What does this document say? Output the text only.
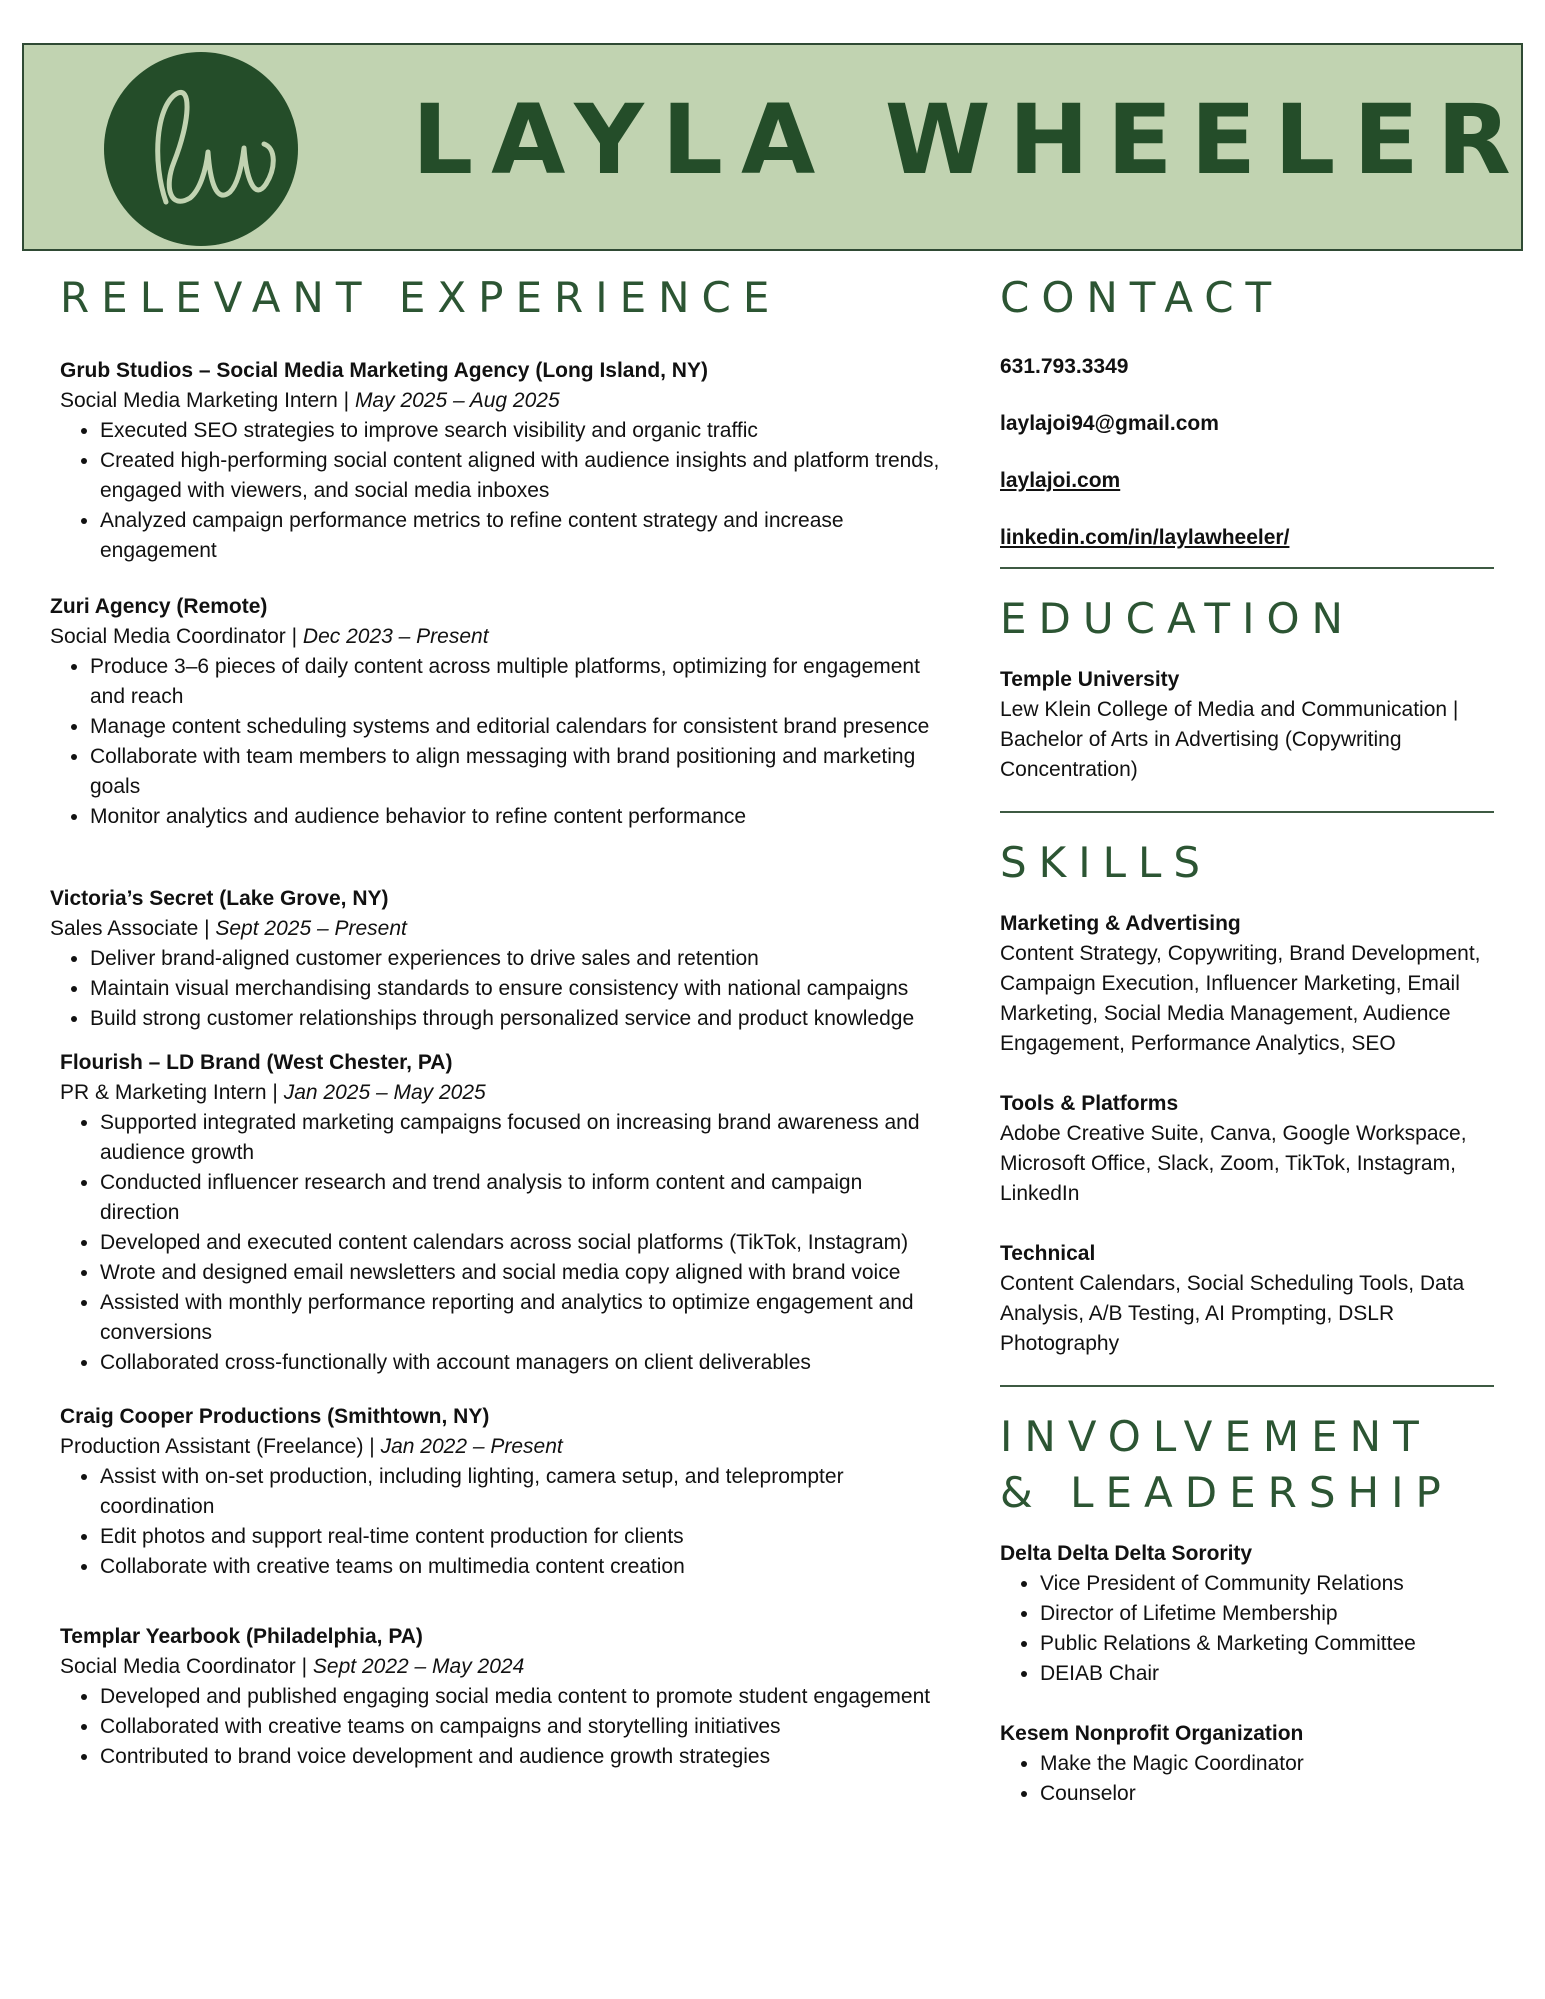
LAYLA WHEELER
RELEVANT EXPERIENCE
Grub Studios – Social Media Marketing Agency (Long Island, NY)
Social Media Marketing Intern | May 2025 – Aug 2025
• Executed SEO strategies to improve search visibility and organic traffic
• Created high-performing social content aligned with audience insights and platform trends, engaged with viewers, and social media inboxes
• Analyzed campaign performance metrics to refine content strategy and increase engagement
Zuri Agency (Remote)
Social Media Coordinator | Dec 2023 – Present
• Produce 3–6 pieces of daily content across multiple platforms, optimizing for engagement and reach
• Manage content scheduling systems and editorial calendars for consistent brand presence
• Collaborate with team members to align messaging with brand positioning and marketing goals
• Monitor analytics and audience behavior to refine content performance
Victoria’s Secret (Lake Grove, NY)
Sales Associate | Sept 2025 – Present
• Deliver brand-aligned customer experiences to drive sales and retention
• Maintain visual merchandising standards to ensure consistency with national campaigns
• Build strong customer relationships through personalized service and product knowledge
Flourish – LD Brand (West Chester, PA)
PR & Marketing Intern | Jan 2025 – May 2025
• Supported integrated marketing campaigns focused on increasing brand awareness and audience growth
• Conducted influencer research and trend analysis to inform content and campaign direction
• Developed and executed content calendars across social platforms (TikTok, Instagram)
• Wrote and designed email newsletters and social media copy aligned with brand voice
• Assisted with monthly performance reporting and analytics to optimize engagement and conversions
• Collaborated cross-functionally with account managers on client deliverables
Craig Cooper Productions (Smithtown, NY)
Production Assistant (Freelance) | Jan 2022 – Present
• Assist with on-set production, including lighting, camera setup, and teleprompter coordination
• Edit photos and support real-time content production for clients
• Collaborate with creative teams on multimedia content creation
Templar Yearbook (Philadelphia, PA)
Social Media Coordinator | Sept 2022 – May 2024
• Developed and published engaging social media content to promote student engagement
• Collaborated with creative teams on campaigns and storytelling initiatives
• Contributed to brand voice development and audience growth strategies
CONTACT
631.793.3349
laylajoi94@gmail.com
laylajoi.com
linkedin.com/in/laylawheeler/
EDUCATION
Temple University
Lew Klein College of Media and Communication | Bachelor of Arts in Advertising (Copywriting Concentration)
SKILLS
Marketing & Advertising
Content Strategy, Copywriting, Brand Development, Campaign Execution, Influencer Marketing, Email Marketing, Social Media Management, Audience Engagement, Performance Analytics, SEO
Tools & Platforms
Adobe Creative Suite, Canva, Google Workspace, Microsoft Office, Slack, Zoom, TikTok, Instagram, LinkedIn
Technical
Content Calendars, Social Scheduling Tools, Data Analysis, A/B Testing, AI Prompting, DSLR Photography
INVOLVEMENT
& LEADERSHIP
Delta Delta Delta Sorority
• Vice President of Community Relations
• Director of Lifetime Membership
• Public Relations & Marketing Committee
• DEIAB Chair
Kesem Nonprofit Organization
• Make the Magic Coordinator
• Counselor
